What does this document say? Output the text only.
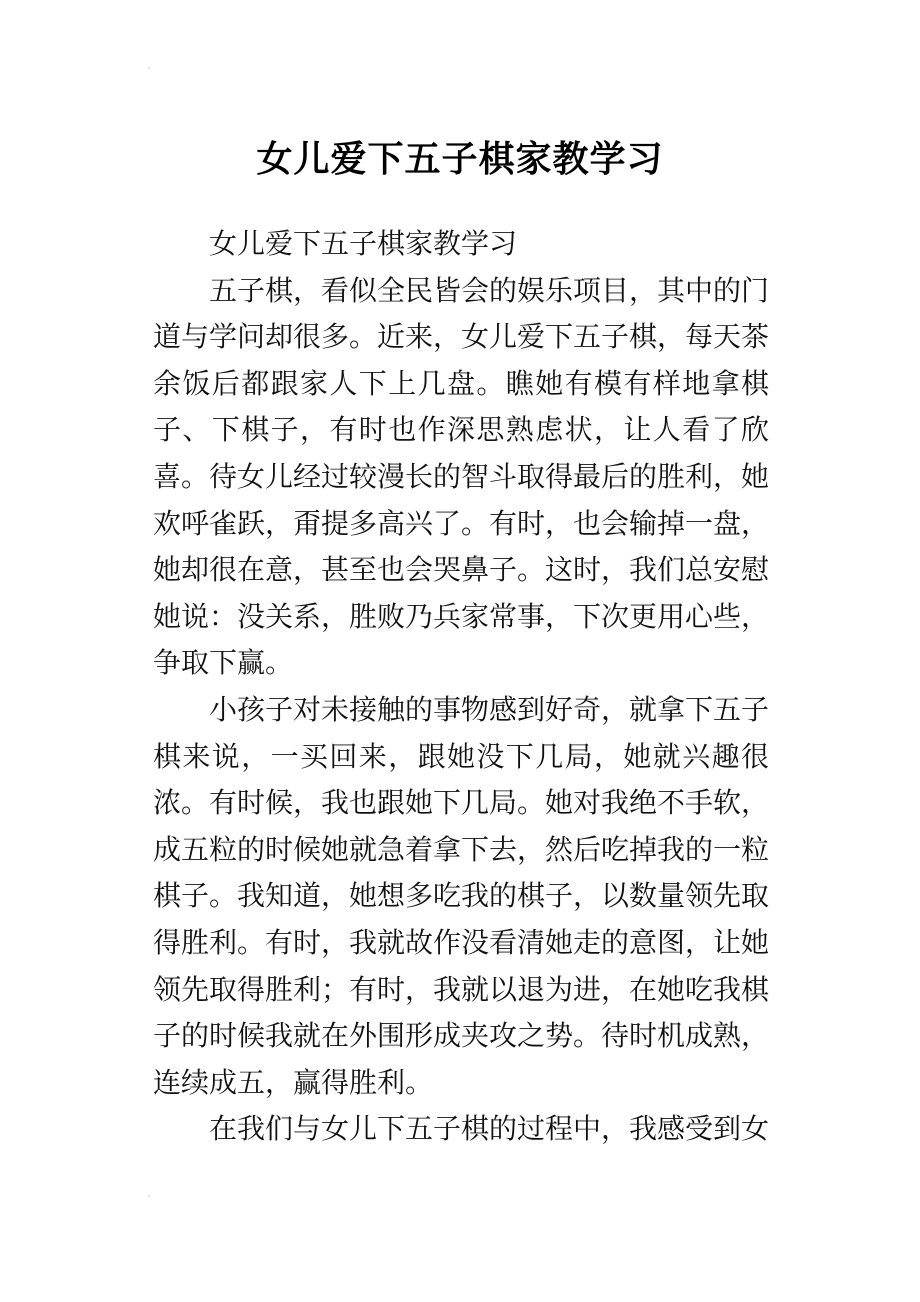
'
女儿爱下五子棋家教学习

女儿爱下五子棋家教学习

五子棋，看似全民皆会的娱乐项目，其中的门道与学问却很多。近来，女儿爱下五子棋，每天茶余饭后都跟家人下上几盘。瞧她有模有样地拿棋子、下棋子，有时也作深思熟虑状，让人看了欣喜。待女儿经过较漫长的智斗取得最后的胜利，她欢呼雀跃，甭提多高兴了。有时，也会输掉一盘，她却很在意，甚至也会哭鼻子。这时，我们总安慰她说：没关系，胜败乃兵家常事，下次更用心些，争取下赢。

小孩子对未接触的事物感到好奇，就拿下五子棋来说，一买回来，跟她没下几局，她就兴趣很浓。有时候，我也跟她下几局。她对我绝不手软，成五粒的时候她就急着拿下去，然后吃掉我的一粒棋子。我知道，她想多吃我的棋子，以数量领先取得胜利。有时，我就故作没看清她走的意图，让她领先取得胜利；有时，我就以退为进，在她吃我棋子的时候我就在外围形成夹攻之势。待时机成熟，连续成五，赢得胜利。

在我们与女儿下五子棋的过程中，我感受到女

'
